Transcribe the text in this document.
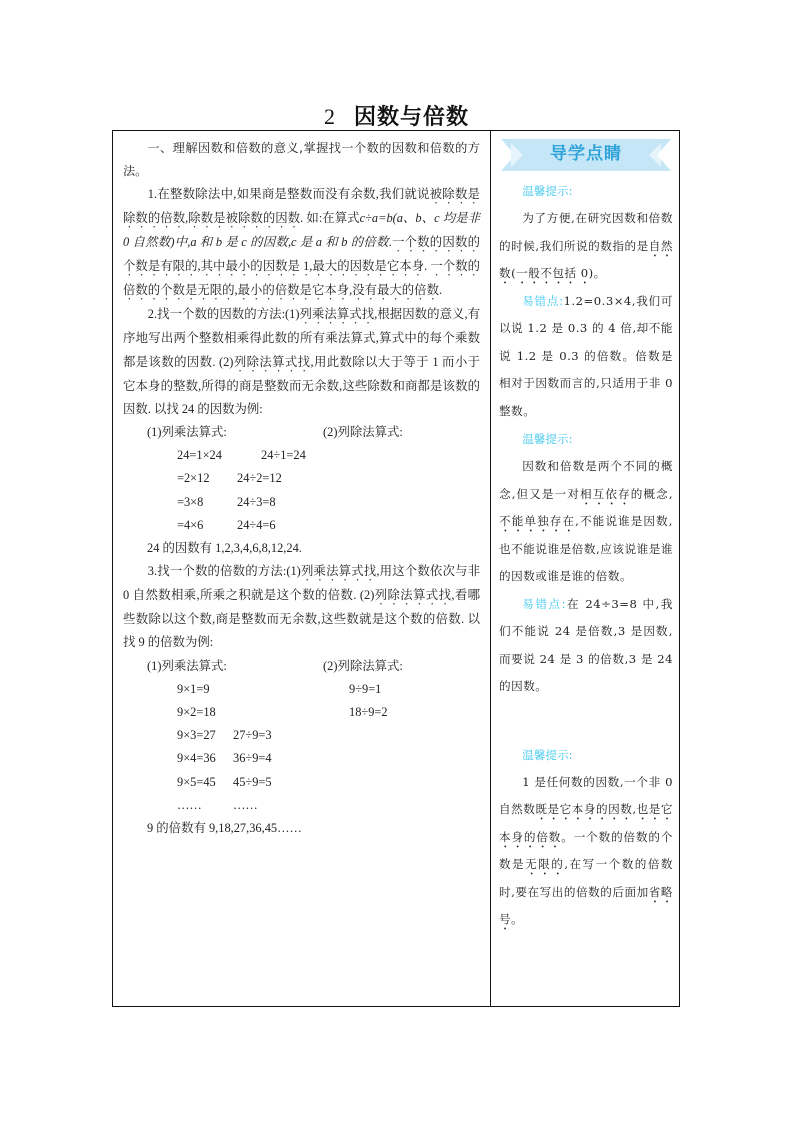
2 因数与倍数

一、理解因数和倍数的意义,掌握找一个数的因数和倍数的方法。

1.在整数除法中,如果商是整数而没有余数,我们就说被除数是除数的倍数,除数是被除数的因数. 如:在算式c÷a=b(a、b、c 均是非 0 自然数)中,a 和 b 是 c 的因数,c 是 a 和 b 的倍数.一个数的因数的个数是有限的,其中最小的因数是 1,最大的因数是它本身. 一个数的倍数的个数是无限的,最小的倍数是它本身,没有最大的倍数.

2.找一个数的因数的方法:(1)列乘法算式找,根据因数的意义,有序地写出两个整数相乘得此数的所有乘法算式,算式中的每个乘数都是该数的因数. (2)列除法算式找,用此数除以大于等于 1 而小于它本身的整数,所得的商是整数而无余数,这些除数和商都是该数的因数. 以找 24 的因数为例:

(1)列乘法算式:	(2)列除法算式:
24=1×24	24÷1=24
=2×12	24÷2=12
=3×8	24÷3=8
=4×6	24÷4=6

24 的因数有 1,2,3,4,6,8,12,24.

3.找一个数的倍数的方法:(1)列乘法算式找,用这个数依次与非 0 自然数相乘,所乘之积就是这个数的倍数. (2)列除法算式找,看哪些数除以这个数,商是整数而无余数,这些数就是这个数的倍数. 以找 9 的倍数为例:

(1)列乘法算式:	(2)列除法算式:
9×1=9	9÷9=1
9×2=18	18÷9=2
9×3=27	27÷9=3
9×4=36	36÷9=4
9×5=45	45÷9=5
……	……

9 的倍数有 9,18,27,36,45……

导学点睛
温馨提示:

为了方便,在研究因数和倍数的时候,我们所说的数指的是自然数(一般不包括 0)。

易错点:1.2=0.3×4,我们可以说 1.2 是 0.3 的 4 倍,却不能说 1.2 是 0.3 的倍数。倍数是相对于因数而言的,只适用于非 0 整数。

温馨提示:

因数和倍数是两个不同的概念,但又是一对相互依存的概念,不能单独存在,不能说谁是因数,也不能说谁是倍数,应该说谁是谁的因数或谁是谁的倍数。

易错点:在 24÷3=8 中,我们不能说 24 是倍数,3 是因数,而要说 24 是 3 的倍数,3 是 24 的因数。

温馨提示:

1 是任何数的因数,一个非 0 自然数既是它本身的因数,也是它本身的倍数。一个数的倍数的个数是无限的,在写一个数的倍数时,要在写出的倍数的后面加省略号。
